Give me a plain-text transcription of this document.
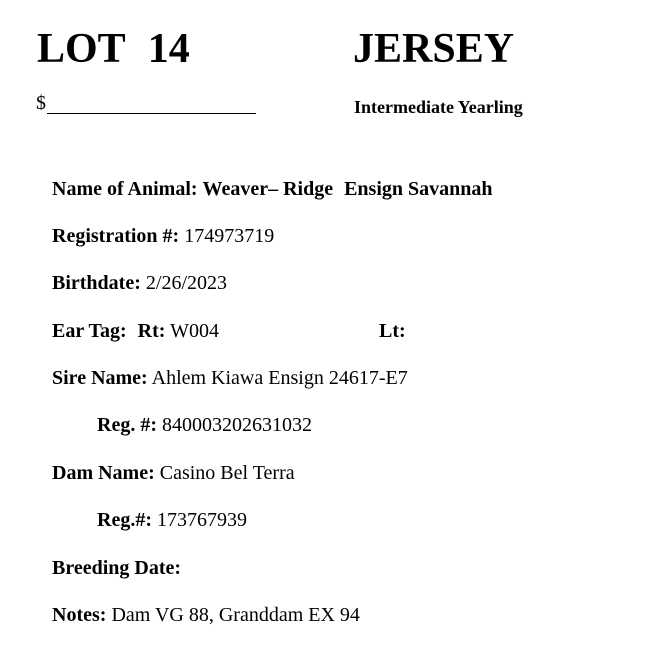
LOT 14	JERSEY
$	Intermediate Yearling
Name of Animal: Weaver– Ridge Ensign Savannah
Registration #: 174973719
Birthdate: 2/26/2023
Ear Tag: Rt: W004	Lt:
Sire Name: Ahlem Kiawa Ensign 24617-E7
Reg. #: 840003202631032
Dam Name: Casino Bel Terra
Reg.#: 173767939
Breeding Date:
Notes: Dam VG 88, Granddam EX 94
